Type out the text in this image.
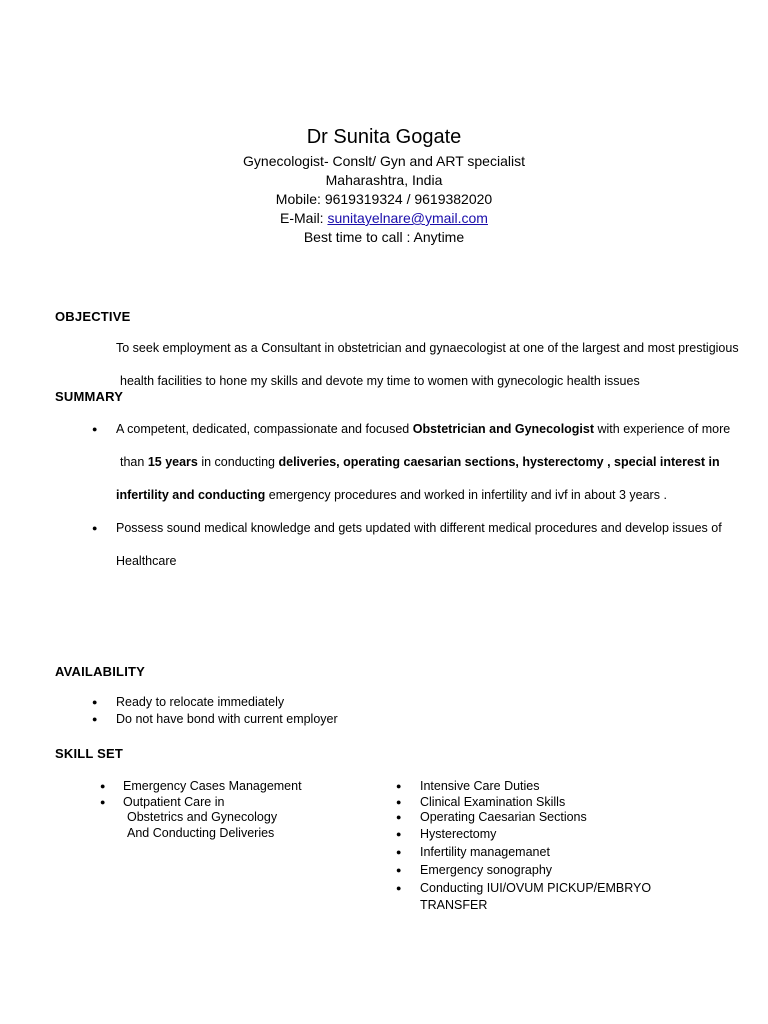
Dr Sunita Gogate
Gynecologist- Conslt/ Gyn and ART specialist
Maharashtra, India
Mobile: 9619319324 / 9619382020
E-Mail: sunitayelnare@ymail.com
Best time to call : Anytime
OBJECTIVE
To seek employment as a Consultant in obstetrician and gynaecologist at one of the largest and most prestigious
health facilities to hone my skills and devote my time to women with gynecologic health issues
SUMMARY
● A competent, dedicated, compassionate and focused Obstetrician and Gynecologist with experience of more
than 15 years in conducting deliveries, operating caesarian sections, hysterectomy , special interest in
infertility and conducting emergency procedures and worked in infertility and ivf in about 3 years .
● Possess sound medical knowledge and gets updated with different medical procedures and develop issues of
Healthcare
AVAILABILITY
● Ready to relocate immediately
● Do not have bond with current employer
SKILL SET
● Emergency Cases Management
● Outpatient Care in
Obstetrics and Gynecology
And Conducting Deliveries
● Intensive Care Duties
● Clinical Examination Skills
● Operating Caesarian Sections
● Hysterectomy
● Infertility managemanet
● Emergency sonography
● Conducting IUI/OVUM PICKUP/EMBRYO
TRANSFER
